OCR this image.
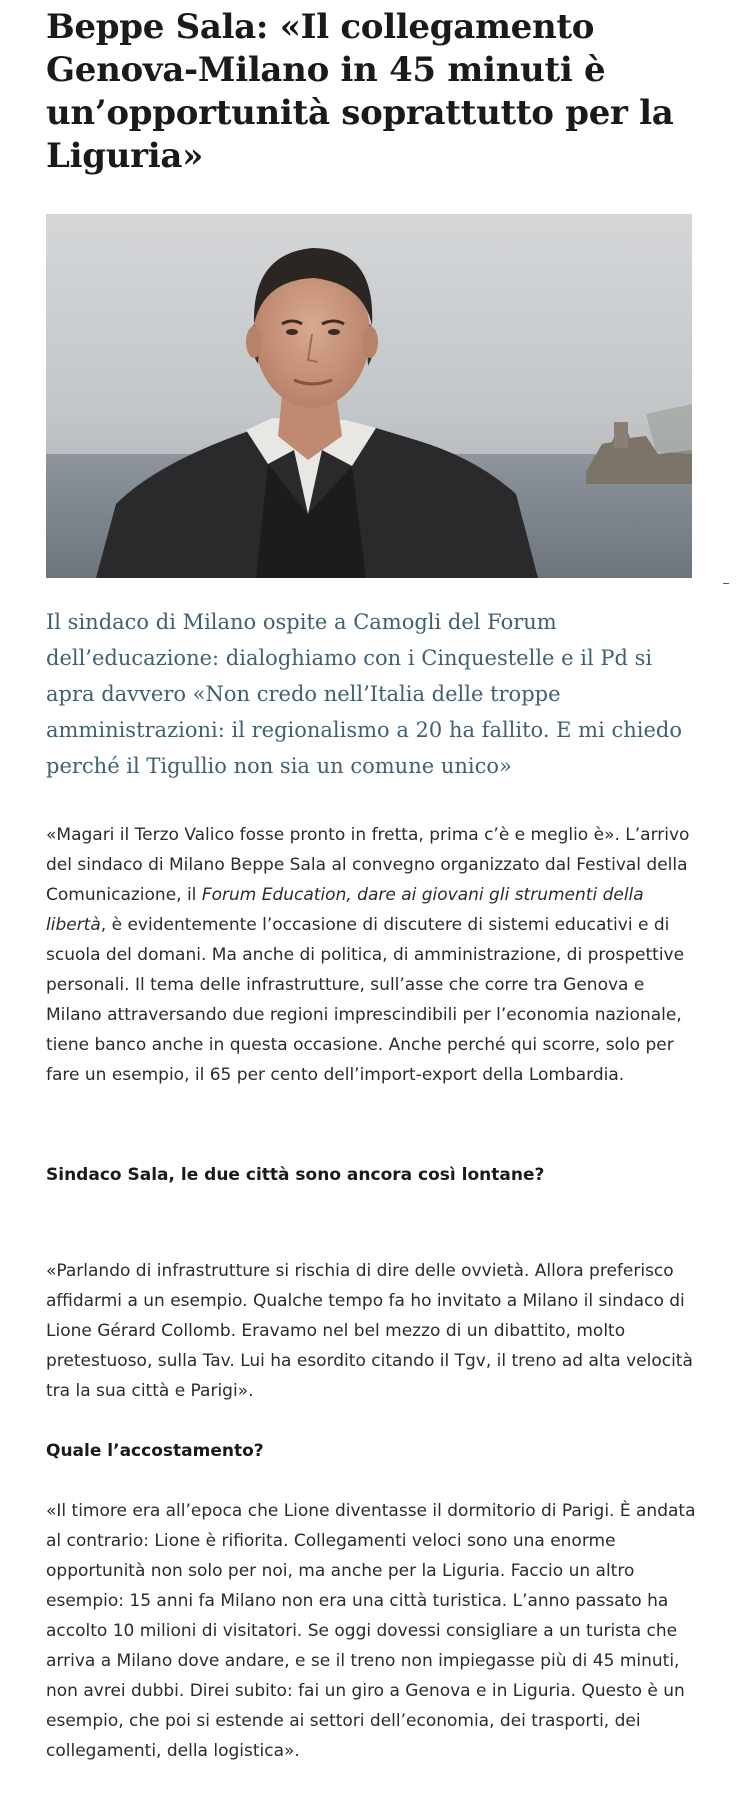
Beppe Sala: «Il collegamento Genova-Milano in 45 minuti è un’opportunità soprattutto per la Liguria»

Il sindaco di Milano ospite a Camogli del Forum dell’educazione: dialoghiamo con i Cinquestelle e il Pd si apra davvero «Non credo nell’Italia delle troppe amministrazioni: il regionalismo a 20 ha fallito. E mi chiedo perché il Tigullio non sia un comune unico»

«Magari il Terzo Valico fosse pronto in fretta, prima c’è e meglio è». L’arrivo del sindaco di Milano Beppe Sala al convegno organizzato dal Festival della Comunicazione, il Forum Education, dare ai giovani gli strumenti della libertà, è evidentemente l’occasione di discutere di sistemi educativi e di scuola del domani. Ma anche di politica, di amministrazione, di prospettive personali. Il tema delle infrastrutture, sull’asse che corre tra Genova e Milano attraversando due regioni imprescindibili per l’economia nazionale, tiene banco anche in questa occasione. Anche perché qui scorre, solo per fare un esempio, il 65 per cento dell’import-export della Lombardia.

Sindaco Sala, le due città sono ancora così lontane?

«Parlando di infrastrutture si rischia di dire delle ovvietà. Allora preferisco affidarmi a un esempio. Qualche tempo fa ho invitato a Milano il sindaco di Lione Gérard Collomb. Eravamo nel bel mezzo di un dibattito, molto pretestuoso, sulla Tav. Lui ha esordito citando il Tgv, il treno ad alta velocità tra la sua città e Parigi».

Quale l’accostamento?

«Il timore era all’epoca che Lione diventasse il dormitorio di Parigi. È andata al contrario: Lione è rifiorita. Collegamenti veloci sono una enorme opportunità non solo per noi, ma anche per la Liguria. Faccio un altro esempio: 15 anni fa Milano non era una città turistica. L’anno passato ha accolto 10 milioni di visitatori. Se oggi dovessi consigliare a un turista che arriva a Milano dove andare, e se il treno non impiegasse più di 45 minuti, non avrei dubbi. Direi subito: fai un giro a Genova e in Liguria. Questo è un esempio, che poi si estende ai settori dell’economia, dei trasporti, dei collegamenti, della logistica».
